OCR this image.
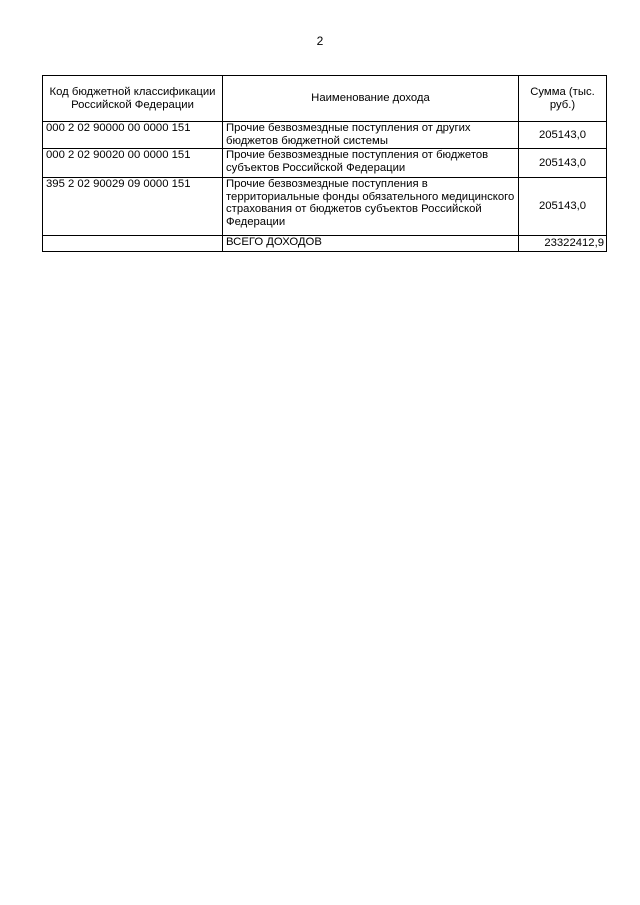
2
Код бюджетной классификации Российской Федерации	Наименование дохода	Сумма (тыс. руб.)
000 2 02 90000 00 0000 151	Прочие безвозмездные поступления от других бюджетов бюджетной системы	205143,0
000 2 02 90020 00 0000 151	Прочие безвозмездные поступления от бюджетов субъектов Российской Федерации	205143,0
395 2 02 90029 09 0000 151	Прочие безвозмездные поступления в территориальные фонды обязательного медицинского страхования от бюджетов субъектов Российской Федерации	205143,0
	ВСЕГО ДОХОДОВ	23322412,9
